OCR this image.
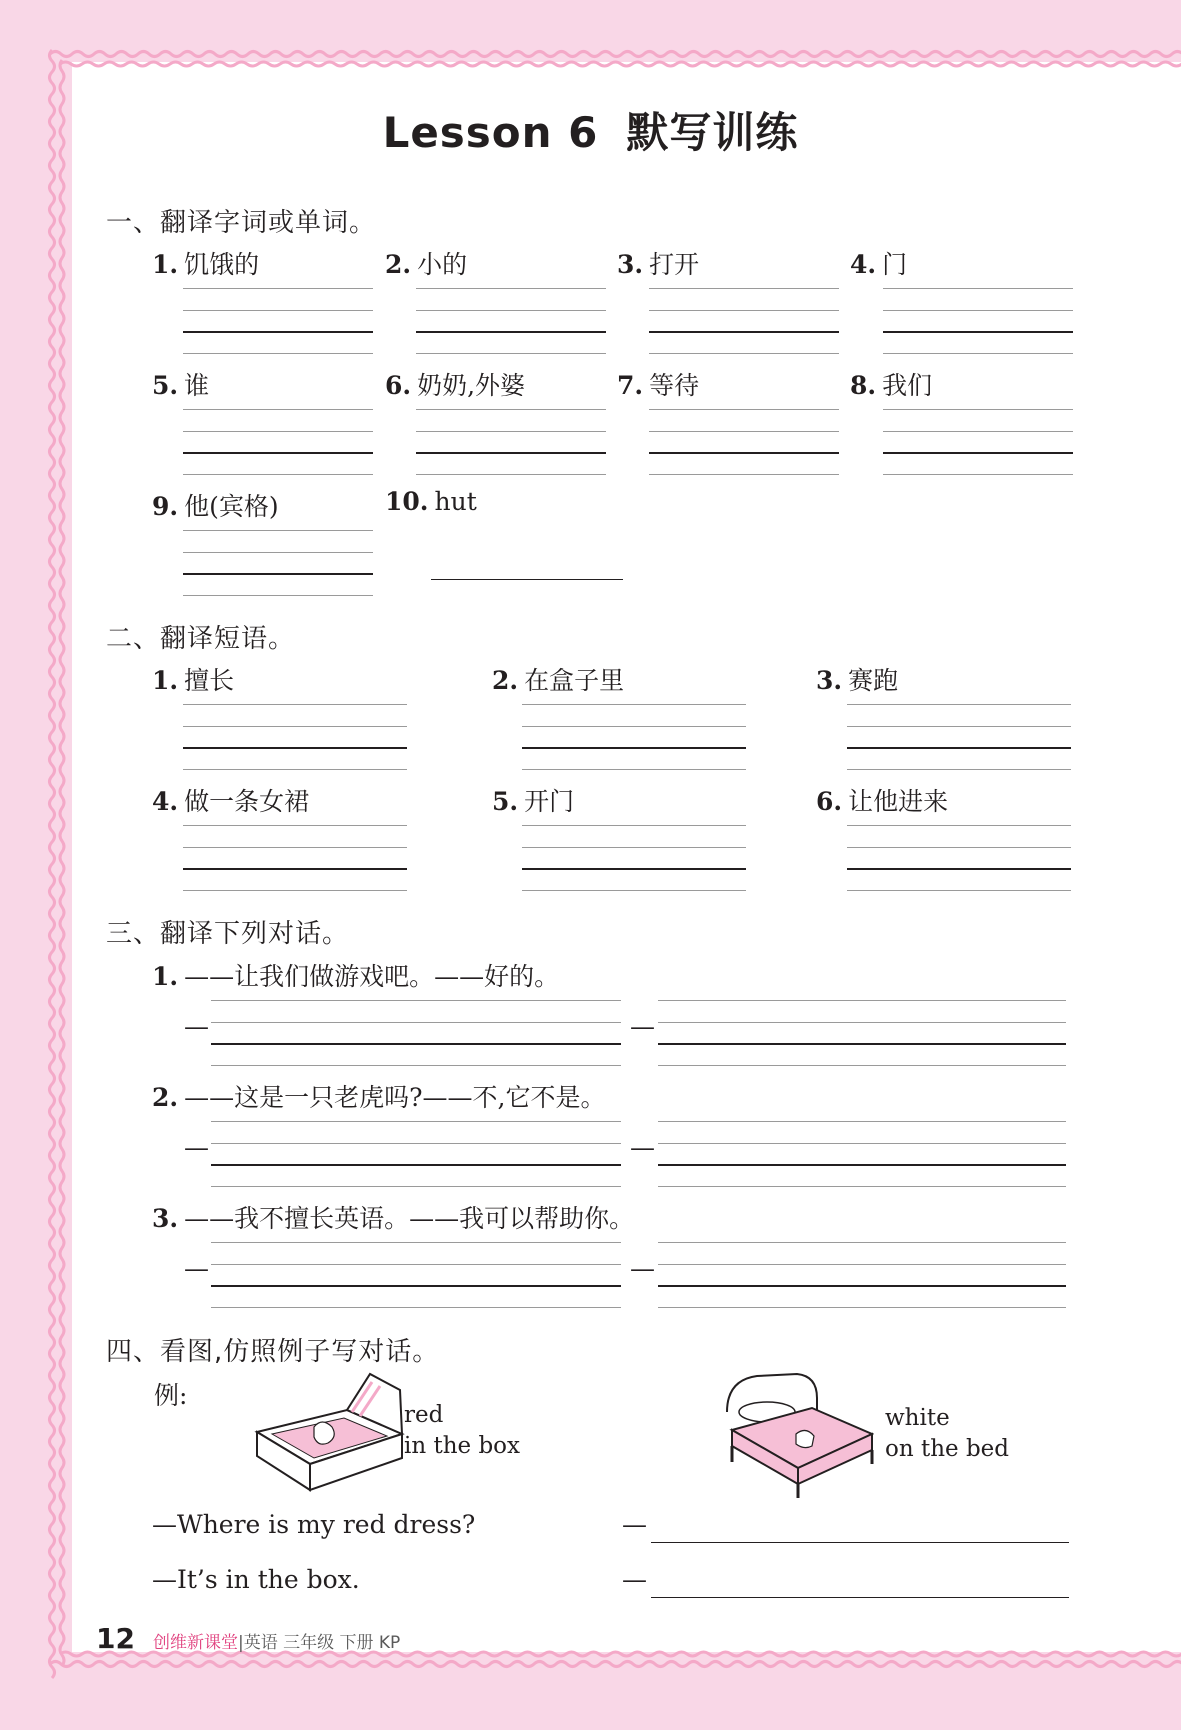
Lesson 6 默写训练
一、翻译字词或单词。
1. 饥饿的	2. 小的	3. 打开	4. 门
5. 谁	6. 奶奶,外婆	7. 等待	8. 我们
9. 他(宾格)	10. hut
二、翻译短语。
1. 擅长	2. 在盒子里	3. 赛跑
4. 做一条女裙	5. 开门	6. 让他进来
三、翻译下列对话。
1. ——让我们做游戏吧。——好的。
—	—
2. ——这是一只老虎吗?——不,它不是。
—	—
3. ——我不擅长英语。——我可以帮助你。
—	—
四、看图,仿照例子写对话。
例:
red
in the box
white
on the bed
—Where is my red dress?
—It’s in the box.
—
—
12 创维新课堂|英语 三年级 下册 KP
